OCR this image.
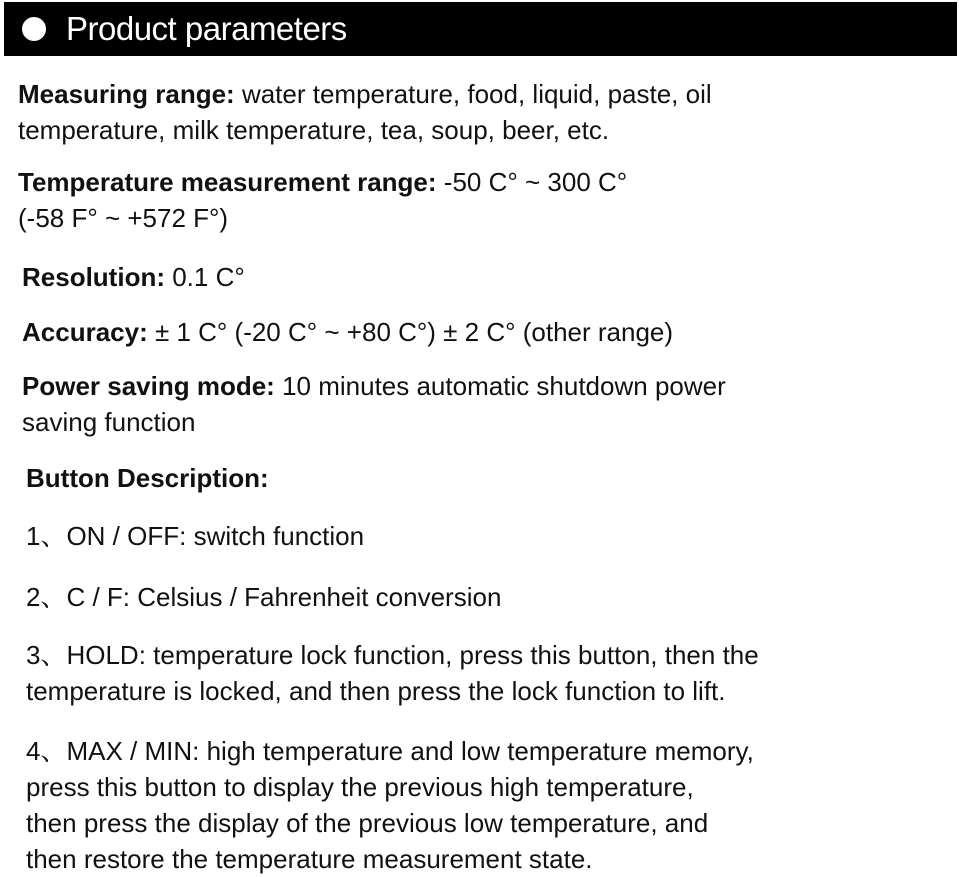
Product parameters

Measuring range: water temperature, food, liquid, paste, oil
temperature, milk temperature, tea, soup, beer, etc.

Temperature measurement range: -50 C° ~ 300 C°
(-58 F° ~ +572 F°)

Resolution: 0.1 C°

Accuracy: ± 1 C° (-20 C° ~ +80 C°) ± 2 C° (other range)

Power saving mode: 10 minutes automatic shutdown power
saving function

Button Description:

1、ON / OFF: switch function

2、C / F: Celsius / Fahrenheit conversion

3、HOLD: temperature lock function, press this button, then the
temperature is locked, and then press the lock function to lift.

4、MAX / MIN: high temperature and low temperature memory,
press this button to display the previous high temperature,
then press the display of the previous low temperature, and
then restore the temperature measurement state.
